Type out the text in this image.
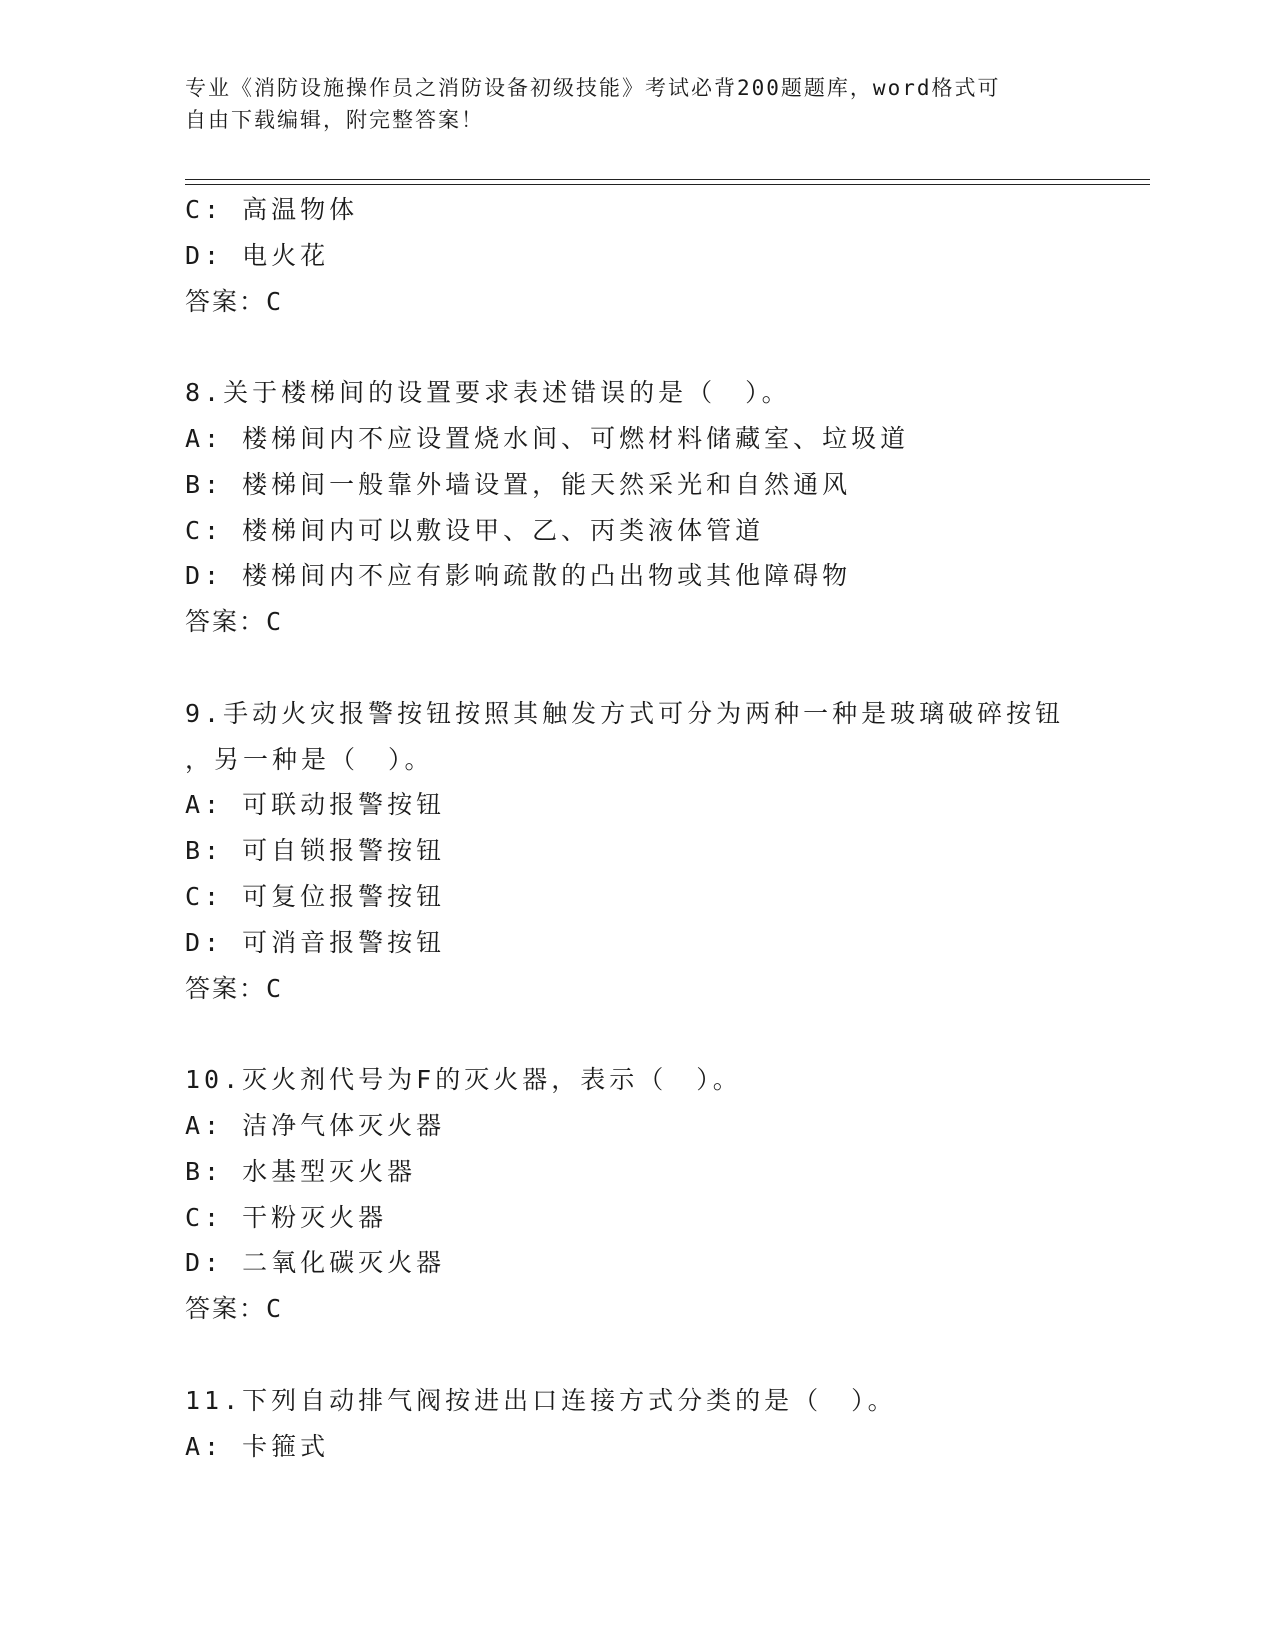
专业《消防设施操作员之消防设备初级技能》考试必背200题题库，word格式可
自由下载编辑，附完整答案！
C: 高温物体
D: 电火花
答案：C
8.关于楼梯间的设置要求表述错误的是（　）。
A: 楼梯间内不应设置烧水间、可燃材料储藏室、垃圾道
B: 楼梯间一般靠外墙设置，能天然采光和自然通风
C: 楼梯间内可以敷设甲、乙、丙类液体管道
D: 楼梯间内不应有影响疏散的凸出物或其他障碍物
答案：C
9.手动火灾报警按钮按照其触发方式可分为两种一种是玻璃破碎按钮
，另一种是（　）。
A: 可联动报警按钮
B: 可自锁报警按钮
C: 可复位报警按钮
D: 可消音报警按钮
答案：C
10.灭火剂代号为F的灭火器，表示（　）。
A: 洁净气体灭火器
B: 水基型灭火器
C: 干粉灭火器
D: 二氧化碳灭火器
答案：C
11.下列自动排气阀按进出口连接方式分类的是（　）。
A: 卡箍式
